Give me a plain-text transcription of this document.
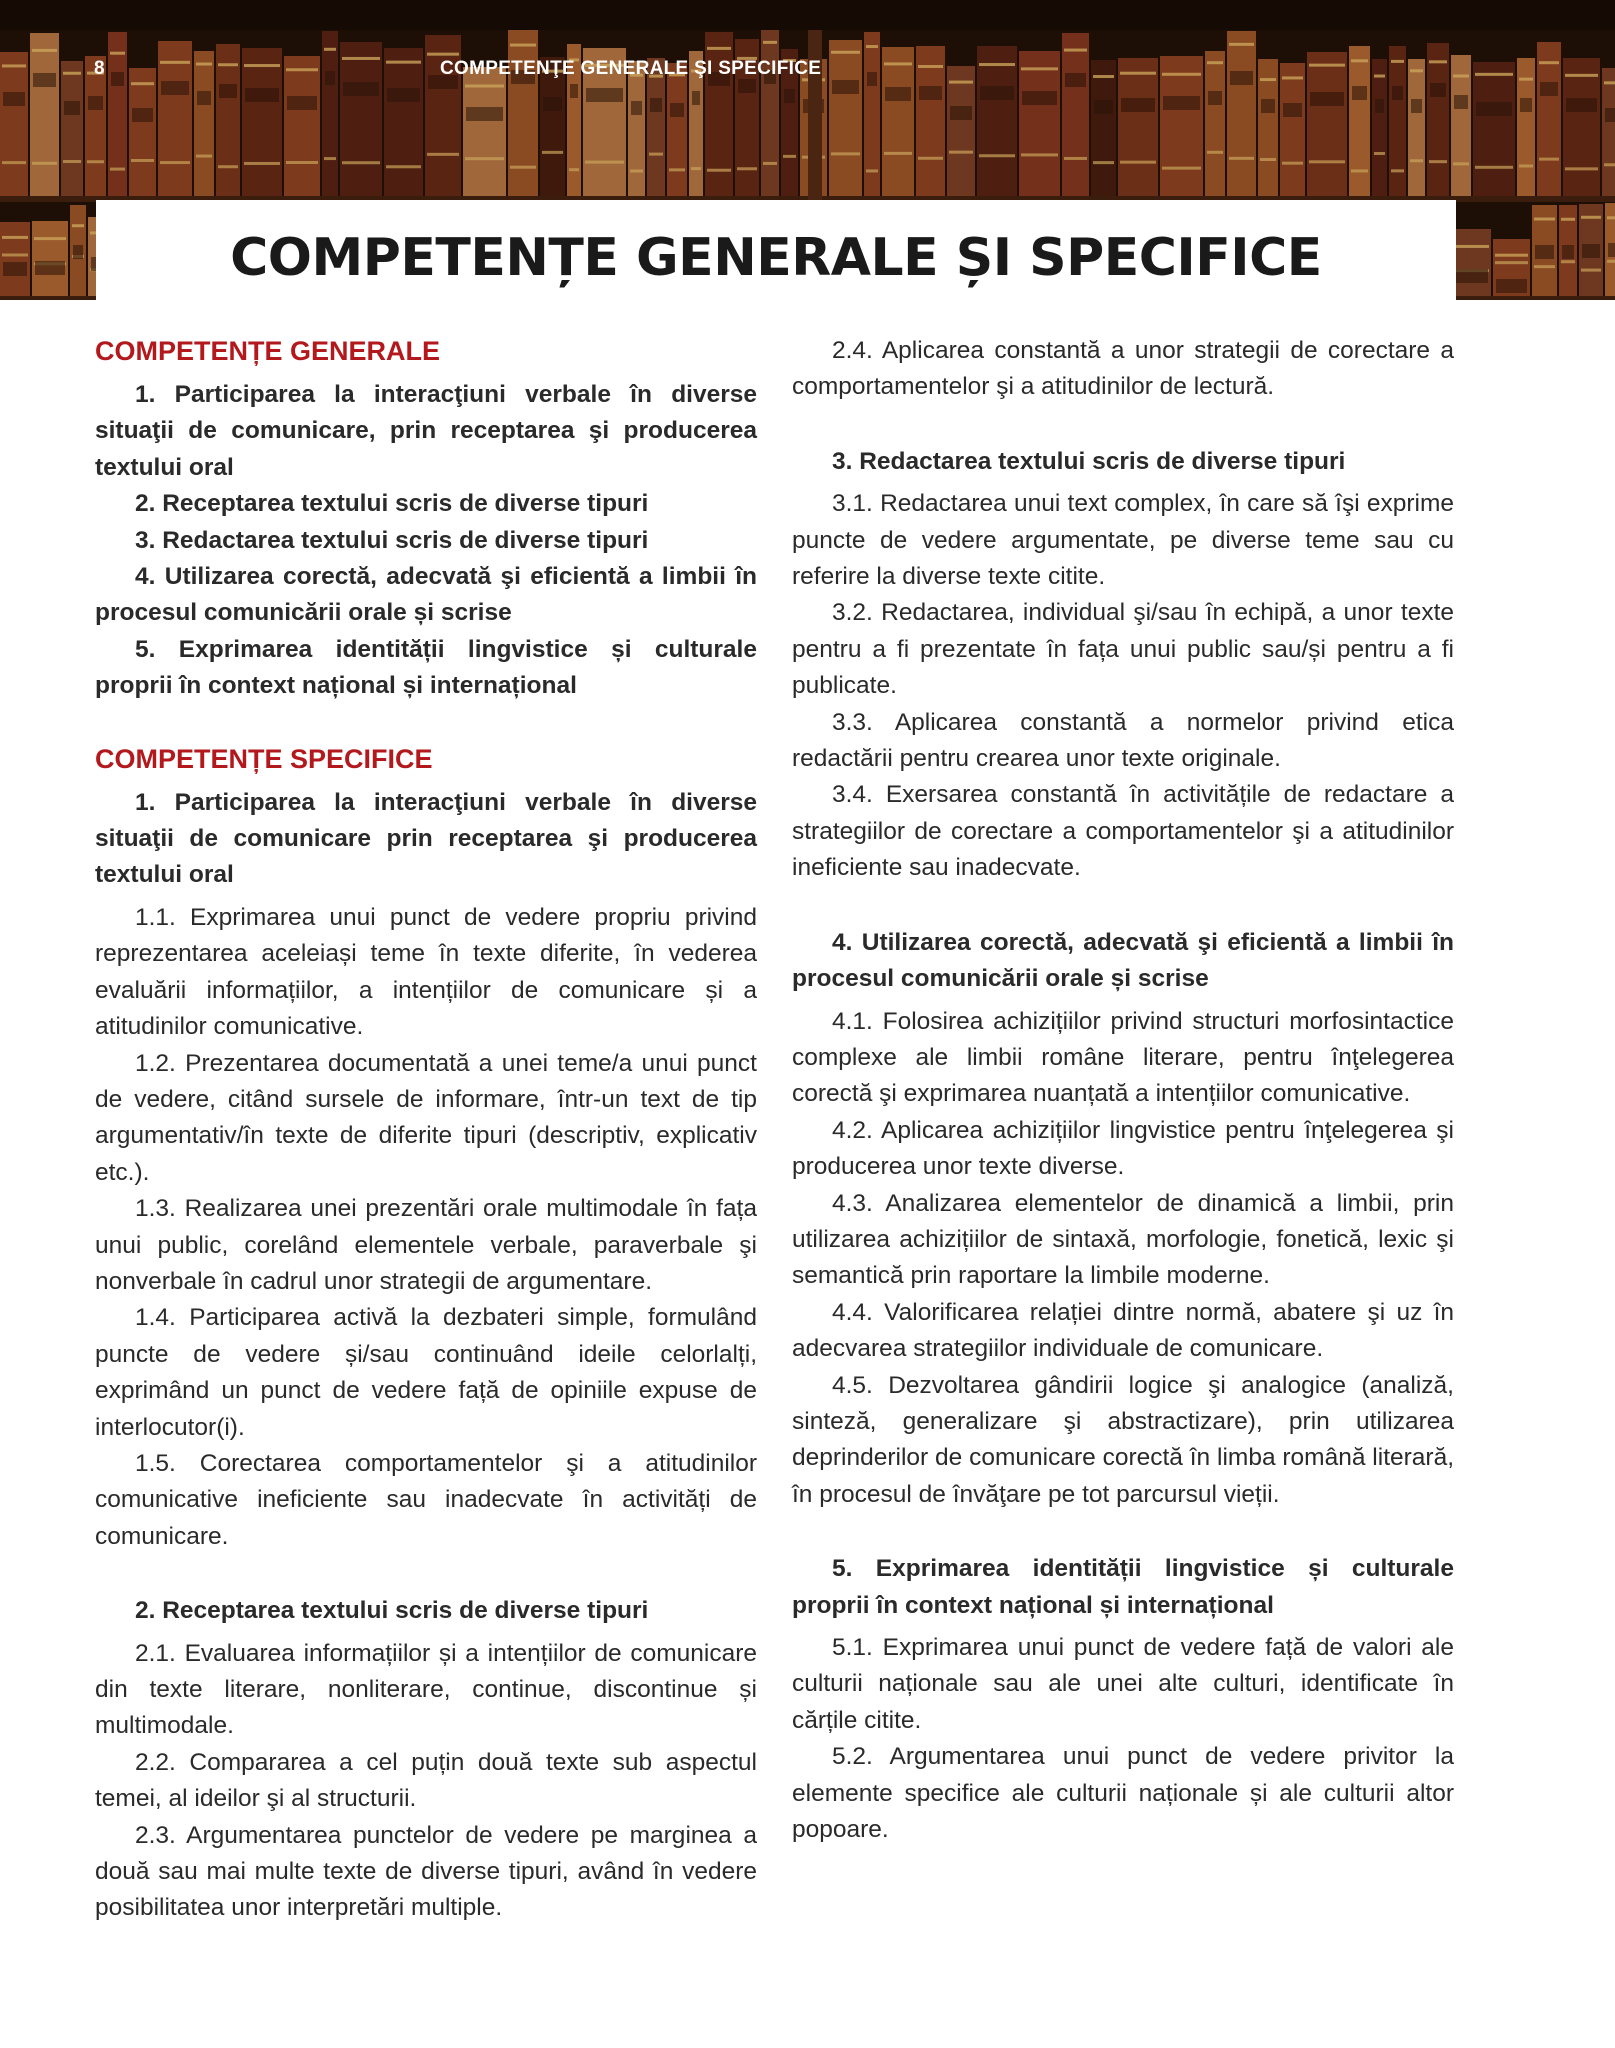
8	COMPETENŢE GENERALE ŞI SPECIFICE
COMPETENȚE GENERALE ȘI SPECIFICE
COMPETENȚE GENERALE
1. Participarea la interacţiuni verbale în diverse situaţii de comunicare, prin receptarea şi producerea textului oral
2. Receptarea textului scris de diverse tipuri
3. Redactarea textului scris de diverse tipuri
4. Utilizarea corectă, adecvată şi eficientă a limbii în procesul comunicării orale și scrise
5. Exprimarea identității lingvistice și culturale proprii în context național și internațional
COMPETENȚE SPECIFICE
1. Participarea la interacţiuni verbale în diverse situaţii de comunicare prin receptarea şi producerea textului oral
1.1. Exprimarea unui punct de vedere propriu privind reprezentarea aceleiași teme în texte diferite, în vederea evaluării informațiilor, a intențiilor de comunicare și a atitudinilor comunicative.
1.2. Prezentarea documentată a unei teme/a unui punct de vedere, citând sursele de informare, într-un text de tip argumentativ/în texte de diferite tipuri (descriptiv, explicativ etc.).
1.3. Realizarea unei prezentări orale multimodale în fața unui public, corelând elementele verbale, paraverbale şi nonverbale în cadrul unor strategii de argumentare.
1.4. Participarea activă la dezbateri simple, formulând puncte de vedere și/sau continuând ideile celorlalți, exprimând un punct de vedere față de opiniile expuse de interlocutor(i).
1.5. Corectarea comportamentelor şi a atitudinilor comunicative ineficiente sau inadecvate în activități de comunicare.
2. Receptarea textului scris de diverse tipuri
2.1. Evaluarea informațiilor și a intențiilor de comunicare din texte literare, nonliterare, continue, discontinue și multimodale.
2.2. Compararea a cel puțin două texte sub aspectul temei, al ideilor şi al structurii.
2.3. Argumentarea punctelor de vedere pe marginea a două sau mai multe texte de diverse tipuri, având în vedere posibilitatea unor interpretări multiple.
2.4. Aplicarea constantă a unor strategii de corectare a comportamentelor şi a atitudinilor de lectură.
3. Redactarea textului scris de diverse tipuri
3.1. Redactarea unui text complex, în care să îşi exprime puncte de vedere argumentate, pe diverse teme sau cu referire la diverse texte citite.
3.2. Redactarea, individual şi/sau în echipă, a unor texte pentru a fi prezentate în fața unui public sau/și pentru a fi publicate.
3.3. Aplicarea constantă a normelor privind etica redactării pentru crearea unor texte originale.
3.4. Exersarea constantă în activitățile de redactare a strategiilor de corectare a comportamentelor şi a atitudinilor ineficiente sau inadecvate.
4. Utilizarea corectă, adecvată şi eficientă a limbii în procesul comunicării orale și scrise
4.1. Folosirea achizițiilor privind structuri morfosintactice complexe ale limbii române literare, pentru înţelegerea corectă şi exprimarea nuanțată a intențiilor comunicative.
4.2. Aplicarea achizițiilor lingvistice pentru înţelegerea şi producerea unor texte diverse.
4.3. Analizarea elementelor de dinamică a limbii, prin utilizarea achizițiilor de sintaxă, morfologie, fonetică, lexic şi semantică prin raportare la limbile moderne.
4.4. Valorificarea relației dintre normă, abatere şi uz în adecvarea strategiilor individuale de comunicare.
4.5. Dezvoltarea gândirii logice şi analogice (analiză, sinteză, generalizare şi abstractizare), prin utilizarea deprinderilor de comunicare corectă în limba română literară, în procesul de învăţare pe tot parcursul vieții.
5. Exprimarea identității lingvistice și culturale proprii în context național și internațional
5.1. Exprimarea unui punct de vedere față de valori ale culturii naționale sau ale unei alte culturi, identificate în cărțile citite.
5.2. Argumentarea unui punct de vedere privitor la elemente specifice ale culturii naționale și ale culturii altor popoare.
